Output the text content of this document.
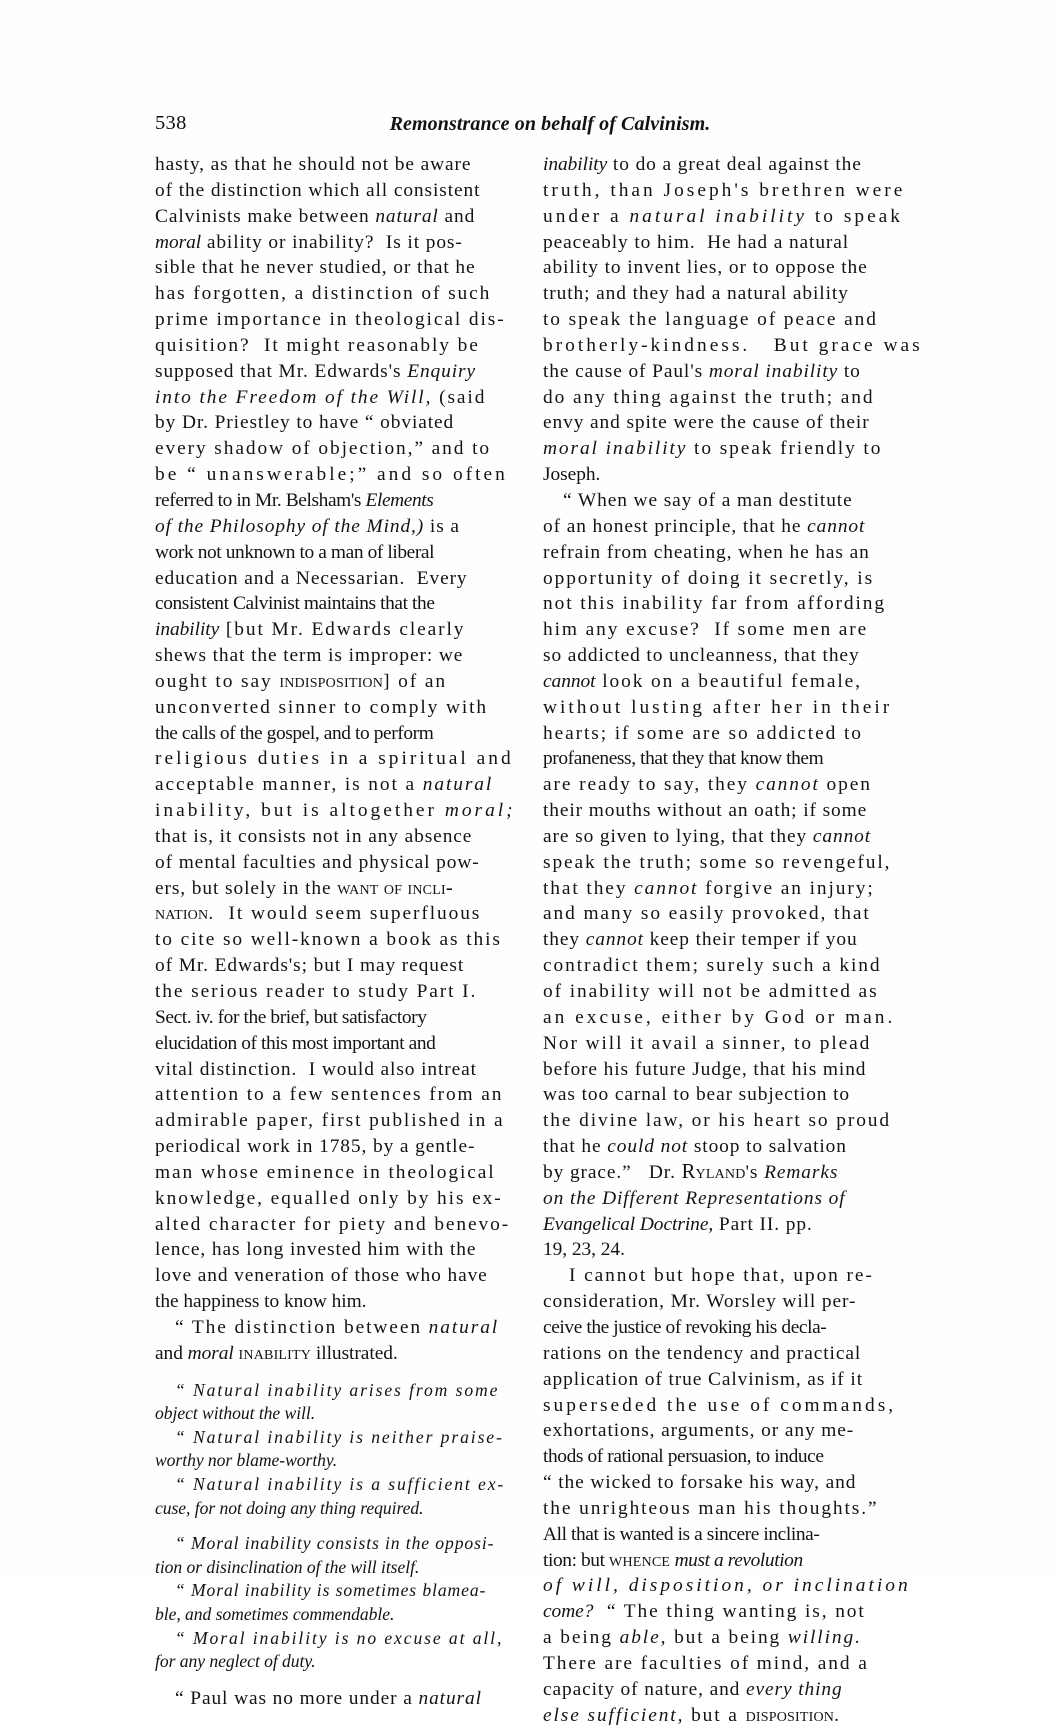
538	Remonstrance on behalf of Calvinism.
hasty, as that he should not be aware
of the distinction which all consistent
Calvinists make between natural and
moral ability or inability?  Is it pos-
sible that he never studied, or that he
has forgotten, a distinction of such
prime importance in theological dis-
quisition?  It might reasonably be
supposed that Mr. Edwards's Enquiry
into the Freedom of the Will, (said
by Dr. Priestley to have “ obviated
every shadow of objection,” and to
be “ unanswerable;” and so often
referred to in Mr. Belsham's Elements
of the Philosophy of the Mind,) is a
work not unknown to a man of liberal
education and a Necessarian.  Every
consistent Calvinist maintains that the
inability [but Mr. Edwards clearly
shews that the term is improper: we
ought to say indisposition] of an
unconverted sinner to comply with
the calls of the gospel, and to perform
religious duties in a spiritual and
acceptable manner, is not a natural
inability, but is altogether moral;
that is, it consists not in any absence
of mental faculties and physical pow-
ers, but solely in the want of incli-
nation.  It would seem superfluous
to cite so well-known a book as this
of Mr. Edwards's; but I may request
the serious reader to study Part I.
Sect. iv. for the brief, but satisfactory
elucidation of this most important and
vital distinction.  I would also intreat
attention to a few sentences from an
admirable paper, first published in a
periodical work in 1785, by a gentle-
man whose eminence in theological
knowledge, equalled only by his ex-
alted character for piety and benevo-
lence, has long invested him with the
love and veneration of those who have
the happiness to know him.
“ The distinction between natural
and moral inability illustrated.
“ Natural inability arises from some
object without the will.
“ Natural inability is neither praise-
worthy nor blame-worthy.
“ Natural inability is a sufficient ex-
cuse, for not doing any thing required.
“ Moral inability consists in the opposi-
tion or disinclination of the will itself.
“ Moral inability is sometimes blamea-
ble, and sometimes commendable.
“ Moral inability is no excuse at all,
for any neglect of duty.
“ Paul was no more under a natural
inability to do a great deal against the
truth, than Joseph's brethren were
under a natural inability to speak
peaceably to him.  He had a natural
ability to invent lies, or to oppose the
truth; and they had a natural ability
to speak the language of peace and
brotherly-kindness.   But grace was
the cause of Paul's moral inability to
do any thing against the truth; and
envy and spite were the cause of their
moral inability to speak friendly to
Joseph.
“ When we say of a man destitute
of an honest principle, that he cannot
refrain from cheating, when he has an
opportunity of doing it secretly, is
not this inability far from affording
him any excuse?  If some men are
so addicted to uncleanness, that they
cannot look on a beautiful female,
without lusting after her in their
hearts; if some are so addicted to
profaneness, that they that know them
are ready to say, they cannot open
their mouths without an oath; if some
are so given to lying, that they cannot
speak the truth; some so revengeful,
that they cannot forgive an injury;
and many so easily provoked, that
they cannot keep their temper if you
contradict them; surely such a kind
of inability will not be admitted as
an excuse, either by God or man.
Nor will it avail a sinner, to plead
before his future Judge, that his mind
was too carnal to bear subjection to
the divine law, or his heart so proud
that he could not stoop to salvation
by grace.”   Dr. Ryland's Remarks
on the Different Representations of
Evangelical Doctrine, Part II. pp.
19, 23, 24.
I cannot but hope that, upon re-
consideration, Mr. Worsley will per-
ceive the justice of revoking his decla-
rations on the tendency and practical
application of true Calvinism, as if it
superseded the use of commands,
exhortations, arguments, or any me-
thods of rational persuasion, to induce
“ the wicked to forsake his way, and
the unrighteous man his thoughts.”
All that is wanted is a sincere inclina-
tion: but whence must a revolution
of will, disposition, or inclination
come?  “ The thing wanting is, not
a being able, but a being willing.
There are faculties of mind, and a
capacity of nature, and every thing
else sufficient, but a disposition.
